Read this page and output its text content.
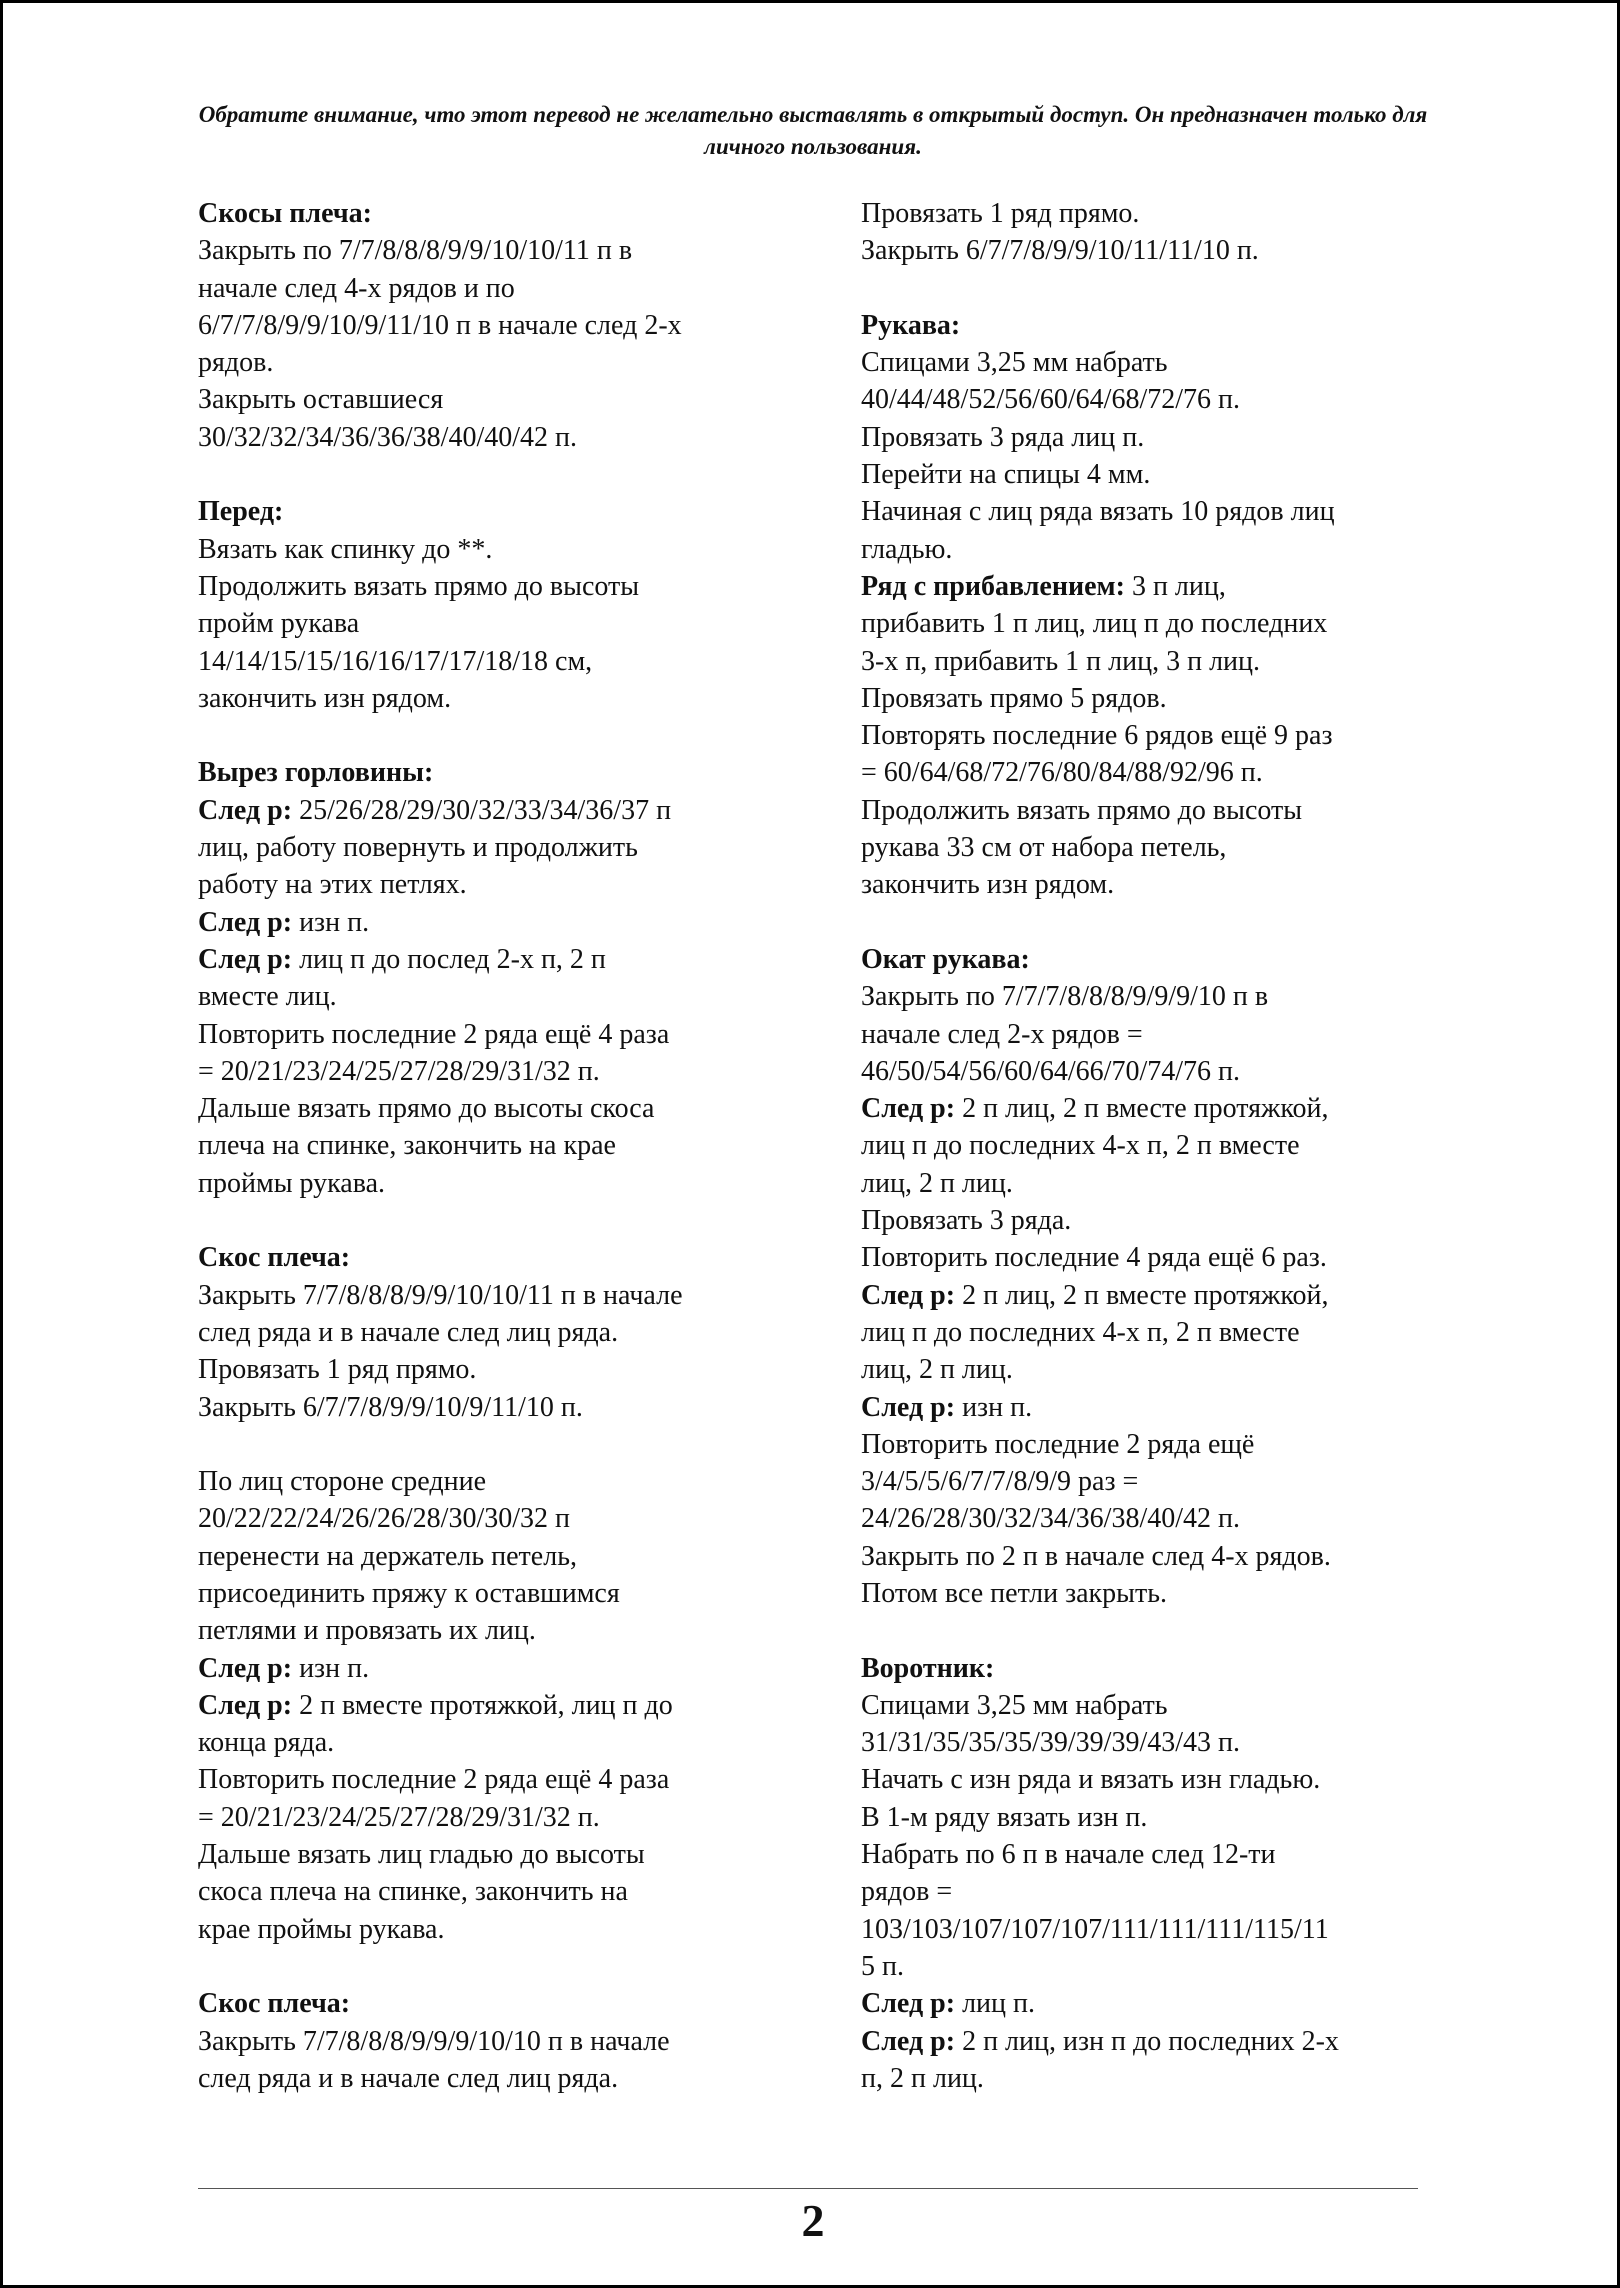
Обратите внимание, что этот перевод не желательно выставлять в открытый доступ. Он предназначен только для личного пользования.

Скосы плеча:

Закрыть по 7/7/8/8/8/9/9/10/10/11 п в

начале след 4-х рядов и по

6/7/7/8/9/9/10/9/11/10 п в начале след 2-х

рядов.

Закрыть оставшиеся

30/32/32/34/36/36/38/40/40/42 п.

Перед:

Вязать как спинку до **.

Продолжить вязать прямо до высоты

пройм рукава

14/14/15/15/16/16/17/17/18/18 см,

закончить изн рядом.

Вырез горловины:

След р: 25/26/28/29/30/32/33/34/36/37 п

лиц, работу повернуть и продолжить

работу на этих петлях.

След р: изн п.

След р: лиц п до послед 2-х п, 2 п

вместе лиц.

Повторить последние 2 ряда ещё 4 раза

= 20/21/23/24/25/27/28/29/31/32 п.

Дальше вязать прямо до высоты скоса

плеча на спинке, закончить на крае

проймы рукава.

Скос плеча:

Закрыть 7/7/8/8/8/9/9/10/10/11 п в начале

след ряда и в начале след лиц ряда.

Провязать 1 ряд прямо.

Закрыть 6/7/7/8/9/9/10/9/11/10 п.

По лиц стороне средние

20/22/22/24/26/26/28/30/30/32 п

перенести на держатель петель,

присоединить пряжу к оставшимся

петлями и провязать их лиц.

След р: изн п.

След р: 2 п вместе протяжкой, лиц п до

конца ряда.

Повторить последние 2 ряда ещё 4 раза

= 20/21/23/24/25/27/28/29/31/32 п.

Дальше вязать лиц гладью до высоты

скоса плеча на спинке, закончить на

крае проймы рукава.

Скос плеча:

Закрыть 7/7/8/8/8/9/9/9/10/10 п в начале

след ряда и в начале след лиц ряда.

Провязать 1 ряд прямо.

Закрыть 6/7/7/8/9/9/10/11/11/10 п.

Рукава:

Спицами 3,25 мм набрать

40/44/48/52/56/60/64/68/72/76 п.

Провязать 3 ряда лиц п.

Перейти на спицы 4 мм.

Начиная с лиц ряда вязать 10 рядов лиц

гладью.

Ряд с прибавлением: 3 п лиц,

прибавить 1 п лиц, лиц п до последних

3-х п, прибавить 1 п лиц, 3 п лиц.

Провязать прямо 5 рядов.

Повторять последние 6 рядов ещё 9 раз

= 60/64/68/72/76/80/84/88/92/96 п.

Продолжить вязать прямо до высоты

рукава 33 см от набора петель,

закончить изн рядом.

Окат рукава:

Закрыть по 7/7/7/8/8/8/9/9/9/10 п в

начале след 2-х рядов =

46/50/54/56/60/64/66/70/74/76 п.

След р: 2 п лиц, 2 п вместе протяжкой,

лиц п до последних 4-х п, 2 п вместе

лиц, 2 п лиц.

Провязать 3 ряда.

Повторить последние 4 ряда ещё 6 раз.

След р: 2 п лиц, 2 п вместе протяжкой,

лиц п до последних 4-х п, 2 п вместе

лиц, 2 п лиц.

След р: изн п.

Повторить последние 2 ряда ещё

3/4/5/5/6/7/7/8/9/9 раз =

24/26/28/30/32/34/36/38/40/42 п.

Закрыть по 2 п в начале след 4-х рядов.

Потом все петли закрыть.

Воротник:

Спицами 3,25 мм набрать

31/31/35/35/35/39/39/39/43/43 п.

Начать с изн ряда и вязать изн гладью.

В 1-м ряду вязать изн п.

Набрать по 6 п в начале след 12-ти

рядов =

103/103/107/107/107/111/111/111/115/11

5 п.

След р: лиц п.

След р: 2 п лиц, изн п до последних 2-х

п, 2 п лиц.

2
